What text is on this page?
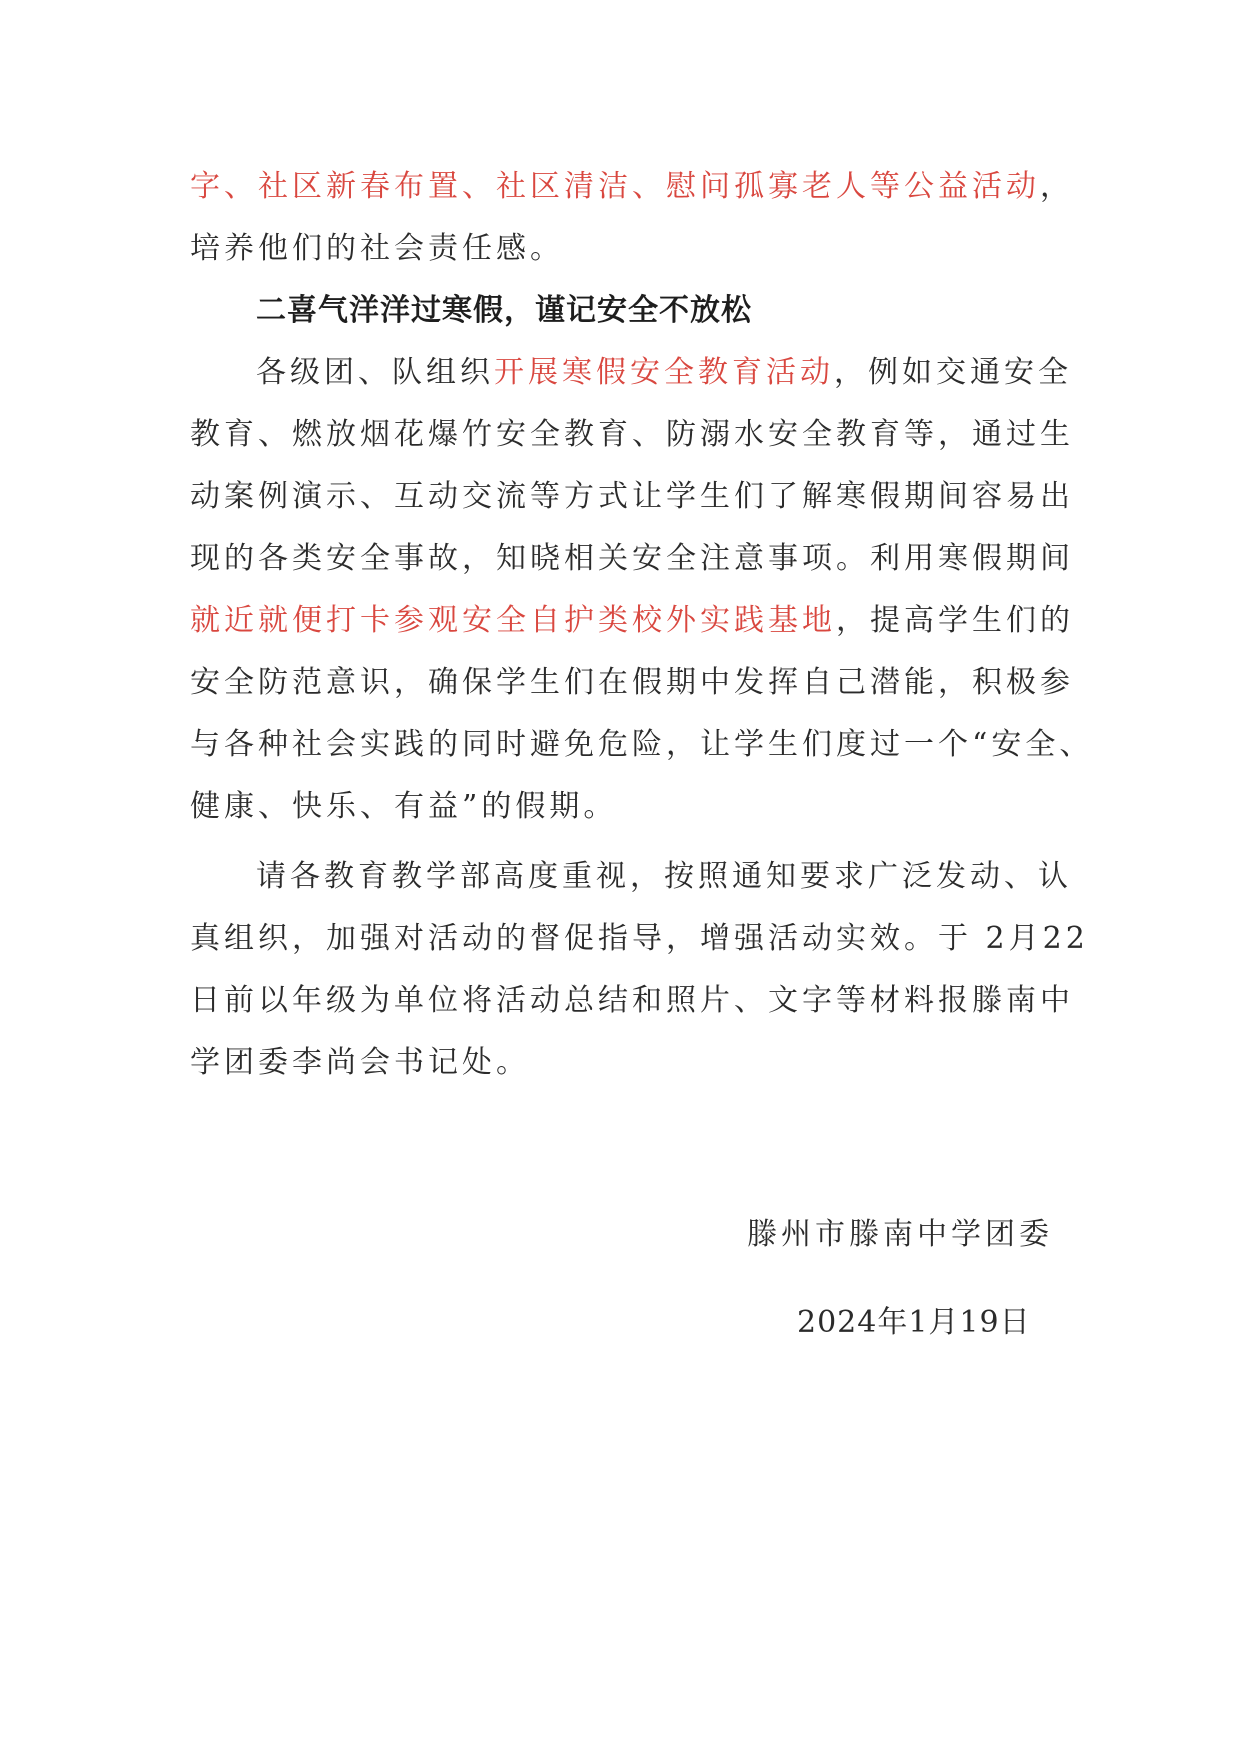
字、社区新春布置、社区清洁、慰问孤寡老人等公益活动，
培养他们的社会责任感。
二喜气洋洋过寒假，谨记安全不放松
各级团、队组织开展寒假安全教育活动，例如交通安全
教育、燃放烟花爆竹安全教育、防溺水安全教育等，通过生
动案例演示、互动交流等方式让学生们了解寒假期间容易出
现的各类安全事故，知晓相关安全注意事项。利用寒假期间
就近就便打卡参观安全自护类校外实践基地，提高学生们的
安全防范意识，确保学生们在假期中发挥自己潜能，积极参
与各种社会实践的同时避免危险，让学生们度过一个“安全、
健康、快乐、有益”的假期。
请各教育教学部高度重视，按照通知要求广泛发动、认
真组织，加强对活动的督促指导，增强活动实效。于 2月22
日前以年级为单位将活动总结和照片、文字等材料报滕南中
学团委李尚会书记处。
滕州市滕南中学团委
2024年1月19日
